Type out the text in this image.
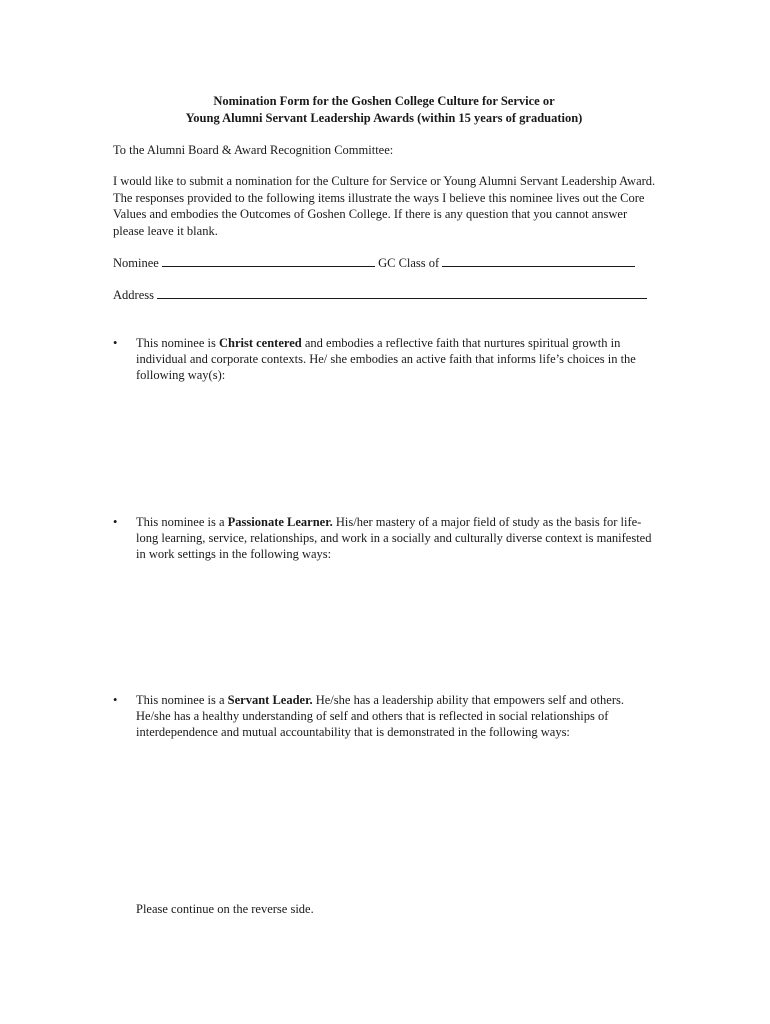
Nomination Form for the Goshen College Culture for Service or
Young Alumni Servant Leadership Awards (within 15 years of graduation)
To the Alumni Board & Award Recognition Committee:
I would like to submit a nomination for the Culture for Service or Young Alumni Servant Leadership Award. The responses provided to the following items illustrate the ways I believe this nominee lives out the Core Values and embodies the Outcomes of Goshen College. If there is any question that you cannot answer please leave it blank.
Nominee	GC Class of
Address
•	This nominee is Christ centered and embodies a reflective faith that nurtures spiritual growth in individual and corporate contexts. He/ she embodies an active faith that informs life’s choices in the following way(s):
•	This nominee is a Passionate Learner. His/her mastery of a major field of study as the basis for life-long learning, service, relationships, and work in a socially and culturally diverse context is manifested in work settings in the following ways:
•	This nominee is a Servant Leader. He/she has a leadership ability that empowers self and others. He/she has a healthy understanding of self and others that is reflected in social relationships of interdependence and mutual accountability that is demonstrated in the following ways:
Please continue on the reverse side.
